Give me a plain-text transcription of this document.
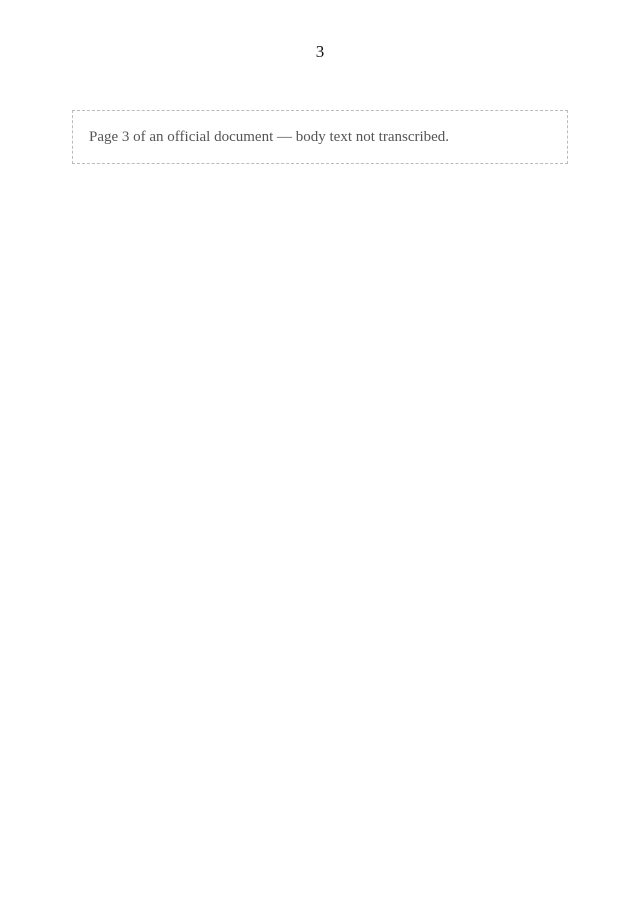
3
Page 3 of an official document — body text not transcribed.
